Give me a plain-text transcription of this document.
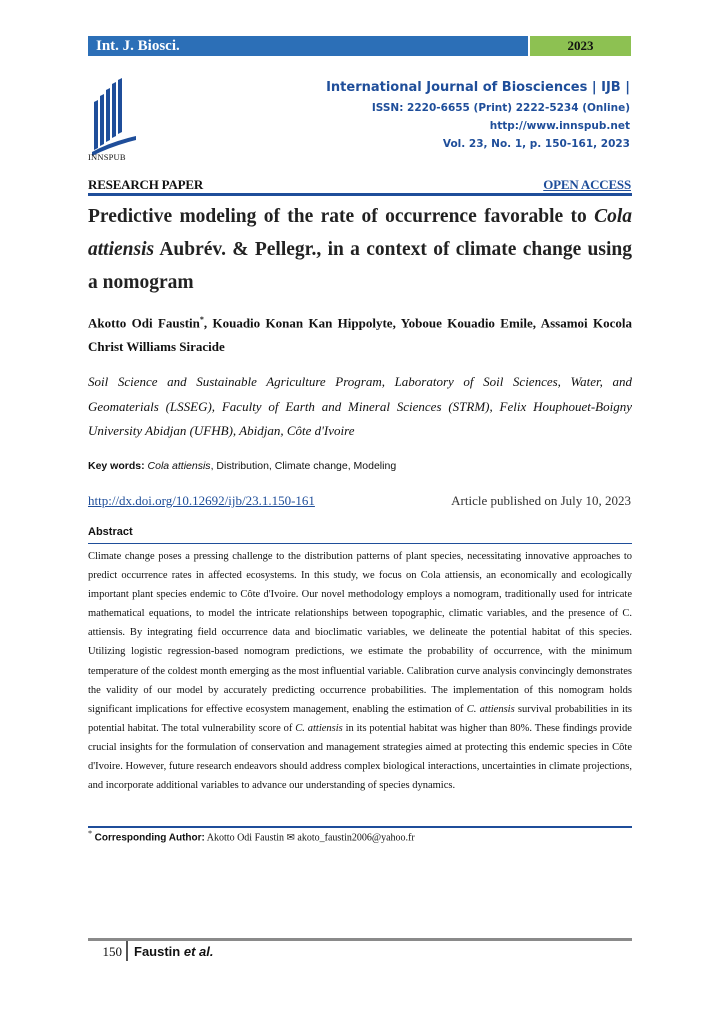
Int. J. Biosci.	2023
INNSPUB
International Journal of Biosciences | IJB |
ISSN: 2220-6655 (Print) 2222-5234 (Online)
http://www.innspub.net
Vol. 23, No. 1, p. 150-161, 2023
RESEARCH PAPER	OPEN ACCESS
Predictive modeling of the rate of occurrence favorable to Cola attiensis Aubrév. & Pellegr., in a context of climate change using a nomogram
Akotto Odi Faustin*, Kouadio Konan Kan Hippolyte, Yoboue Kouadio Emile, Assamoi Kocola Christ Williams Siracide
Soil Science and Sustainable Agriculture Program, Laboratory of Soil Sciences, Water, and Geomaterials (LSSEG), Faculty of Earth and Mineral Sciences (STRM), Felix Houphouet-Boigny University Abidjan (UFHB), Abidjan, Côte d'Ivoire
Key words: Cola attiensis, Distribution, Climate change, Modeling
http://dx.doi.org/10.12692/ijb/23.1.150-161	Article published on July 10, 2023
Abstract
Climate change poses a pressing challenge to the distribution patterns of plant species, necessitating innovative approaches to predict occurrence rates in affected ecosystems. In this study, we focus on Cola attiensis, an economically and ecologically important plant species endemic to Côte d'Ivoire. Our novel methodology employs a nomogram, traditionally used for intricate mathematical equations, to model the intricate relationships between topographic, climatic variables, and the presence of C. attiensis. By integrating field occurrence data and bioclimatic variables, we delineate the potential habitat of this species. Utilizing logistic regression-based nomogram predictions, we estimate the probability of occurrence, with the minimum temperature of the coldest month emerging as the most influential variable. Calibration curve analysis convincingly demonstrates the validity of our model by accurately predicting occurrence probabilities. The implementation of this nomogram holds significant implications for effective ecosystem management, enabling the estimation of C. attiensis survival probabilities in its potential habitat. The total vulnerability score of C. attiensis in its potential habitat was higher than 80%. These findings provide crucial insights for the formulation of conservation and management strategies aimed at protecting this endemic species in Côte d'Ivoire. However, future research endeavors should address complex biological interactions, uncertainties in climate projections, and incorporate additional variables to advance our understanding of species dynamics.
* Corresponding Author: Akotto Odi Faustin ✉ akoto_faustin2006@yahoo.fr
150 Faustin et al.
